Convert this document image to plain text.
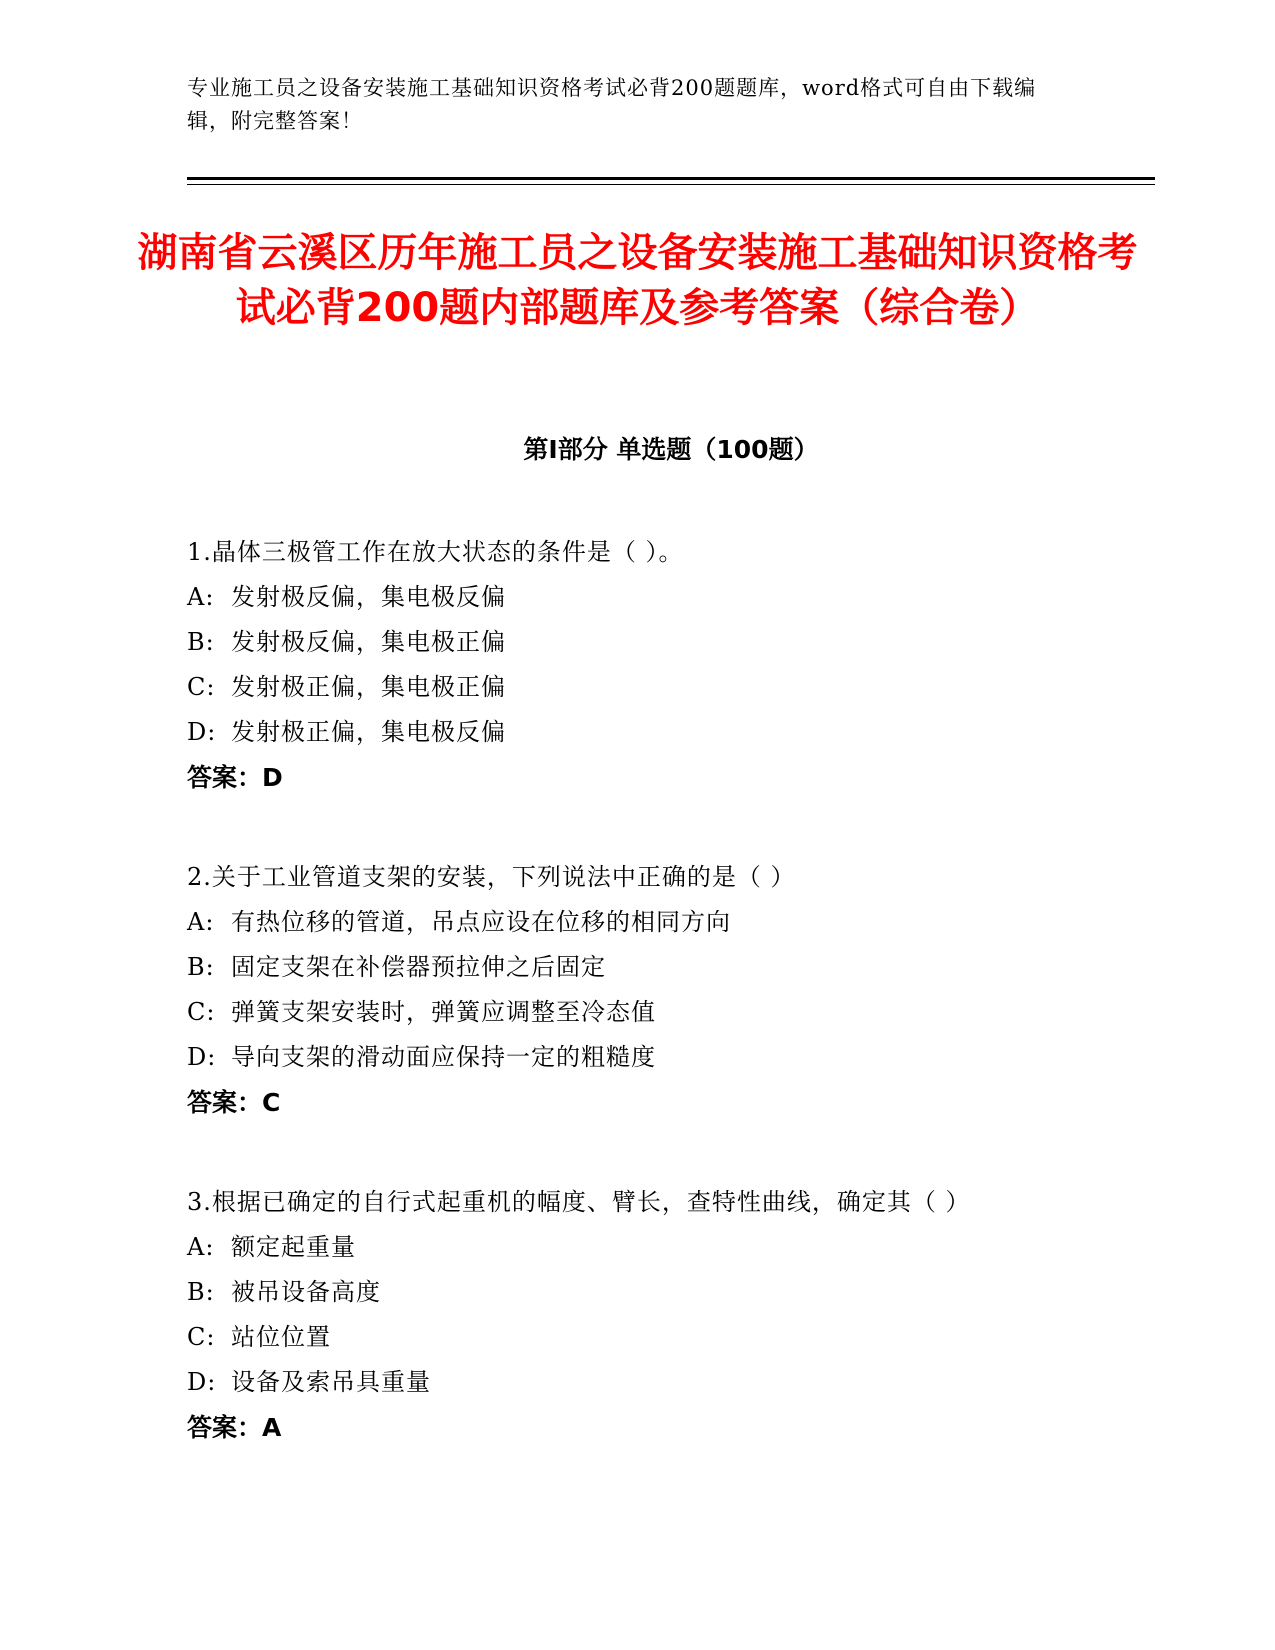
专业施工员之设备安装施工基础知识资格考试必背200题题库，word格式可自由下载编辑，附完整答案！
湖南省云溪区历年施工员之设备安装施工基础知识资格考试必背200题内部题库及参考答案（综合卷）
第Ⅰ部分 单选题（100题）
1.晶体三极管工作在放大状态的条件是（ ）。
A: 发射极反偏，集电极反偏
B: 发射极反偏，集电极正偏
C: 发射极正偏，集电极正偏
D: 发射极正偏，集电极反偏
答案：D
2.关于工业管道支架的安装，下列说法中正确的是（ ）
A: 有热位移的管道，吊点应设在位移的相同方向
B: 固定支架在补偿器预拉伸之后固定
C: 弹簧支架安装时，弹簧应调整至冷态值
D: 导向支架的滑动面应保持一定的粗糙度
答案：C
3.根据已确定的自行式起重机的幅度、臂长，查特性曲线，确定其（ ）
A: 额定起重量
B: 被吊设备高度
C: 站位位置
D: 设备及索吊具重量
答案：A
